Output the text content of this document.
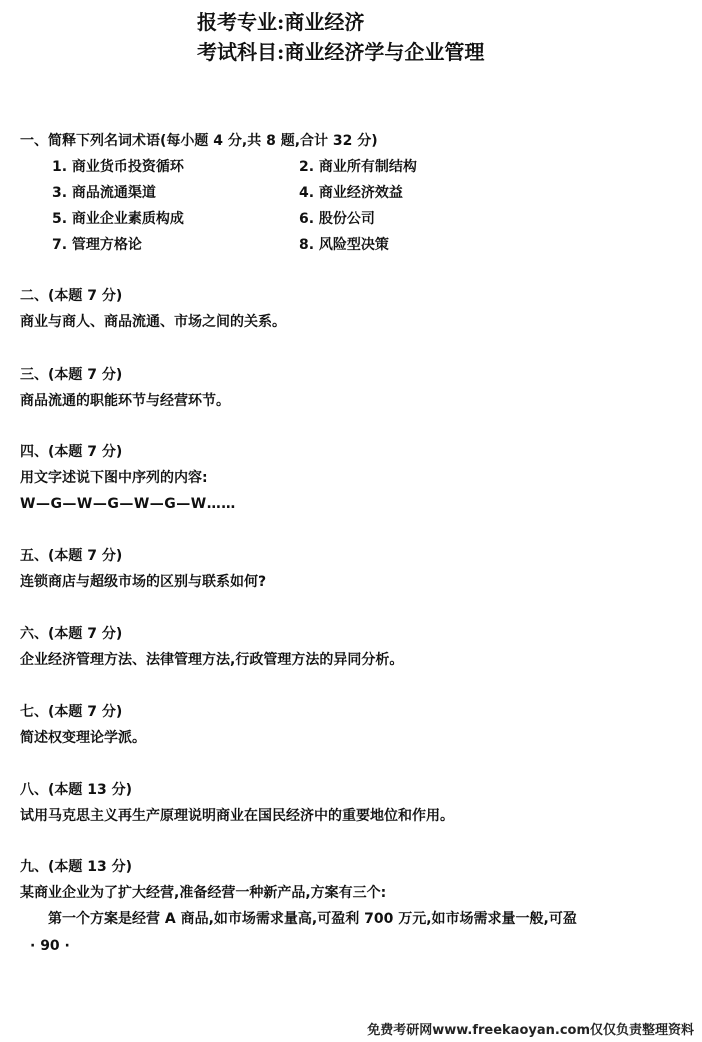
报考专业:商业经济
考试科目:商业经济学与企业管理
一、简释下列名词术语(每小题 4 分,共 8 题,合计 32 分)
1. 商业货币投资循环	2. 商业所有制结构
3. 商品流通渠道	4. 商业经济效益
5. 商业企业素质构成	6. 股份公司
7. 管理方格论	8. 风险型决策
二、(本题 7 分)
商业与商人、商品流通、市场之间的关系。
三、(本题 7 分)
商品流通的职能环节与经营环节。
四、(本题 7 分)
用文字述说下图中序列的内容:
W—G—W—G—W—G—W……
五、(本题 7 分)
连锁商店与超级市场的区别与联系如何?
六、(本题 7 分)
企业经济管理方法、法律管理方法,行政管理方法的异同分析。
七、(本题 7 分)
简述权变理论学派。
八、(本题 13 分)
试用马克思主义再生产原理说明商业在国民经济中的重要地位和作用。
九、(本题 13 分)
某商业企业为了扩大经营,准备经营一种新产品,方案有三个:
第一个方案是经营 A 商品,如市场需求量高,可盈利 700 万元,如市场需求量一般,可盈
· 90 ·
免费考研网www.freekaoyan.com仅仅负责整理资料
